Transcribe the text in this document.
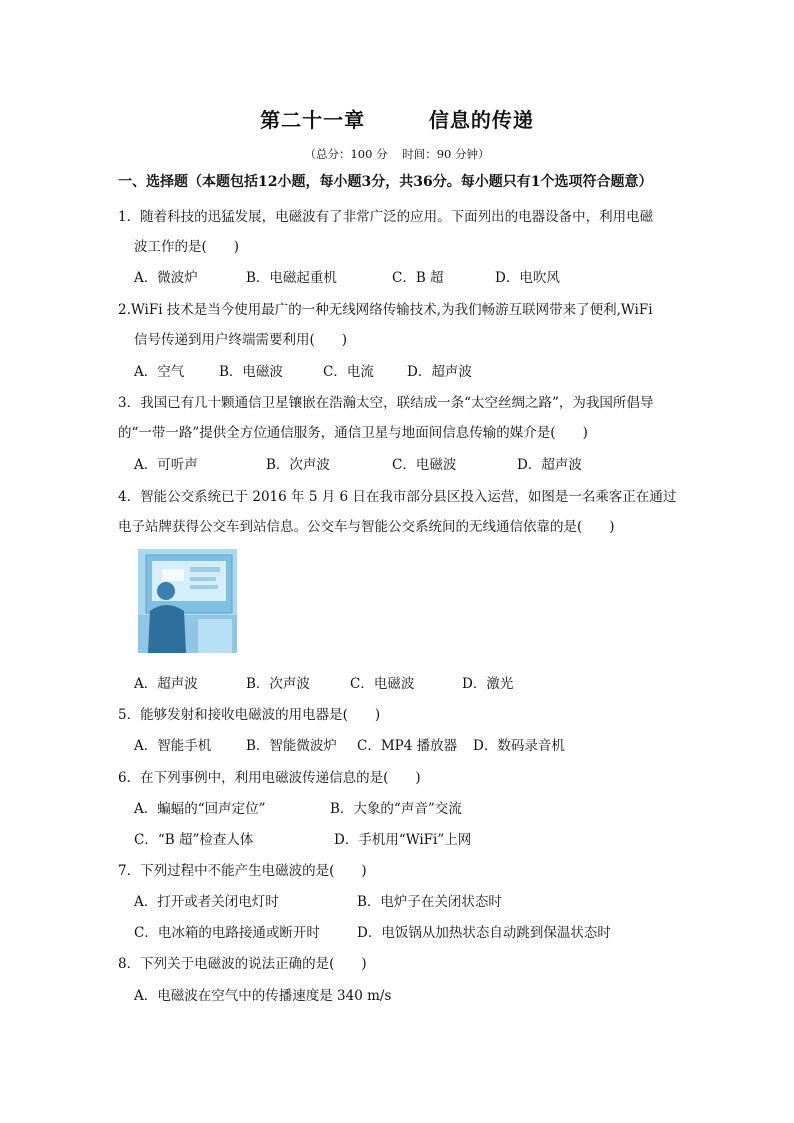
第二十一章        信息的传递
（总分：100 分    时间：90 分钟）
一、选择题（本题包括12小题，每小题3分，共36分。每小题只有1个选项符合题意）
1．随着科技的迅猛发展，电磁波有了非常广泛的应用。下面列出的电器设备中，利用电磁
波工作的是(　　)
A．微波炉	B．电磁起重机	C．B 超	D．电吹风
2.WiFi 技术是当今使用最广的一种无线网络传输技术,为我们畅游互联网带来了便利,WiFi
信号传递到用户终端需要利用(　　)
A．空气	B．电磁波	C．电流 D．超声波
3．我国已有几十颗通信卫星镶嵌在浩瀚太空，联结成一条“太空丝绸之路”，为我国所倡导
的“一带一路”提供全方位通信服务，通信卫星与地面间信息传输的媒介是(　　)
A．可听声	B．次声波	C．电磁波	D．超声波
4．智能公交系统已于 2016 年 5 月 6 日在我市部分县区投入运营，如图是一名乘客正在通过
电子站牌获得公交车到站信息。公交车与智能公交系统间的无线通信依靠的是(　　)
A．超声波	B．次声波	C．电磁波	D．激光
5．能够发射和接收电磁波的用电器是(　　)
A．智能手机	B．智能微波炉 C．MP4 播放器 D．数码录音机
6．在下列事例中，利用电磁波传递信息的是(　　)
A．蝙蝠的“回声定位”	B．大象的“声音”交流
C．“B 超”检查人体	D．手机用“WiFi”上网
7．下列过程中不能产生电磁波的是(　　)
A．打开或者关闭电灯时	B．电炉子在关闭状态时
C．电冰箱的电路接通或断开时	D．电饭锅从加热状态自动跳到保温状态时
8．下列关于电磁波的说法正确的是(　　)
A．电磁波在空气中的传播速度是 340 m/s
